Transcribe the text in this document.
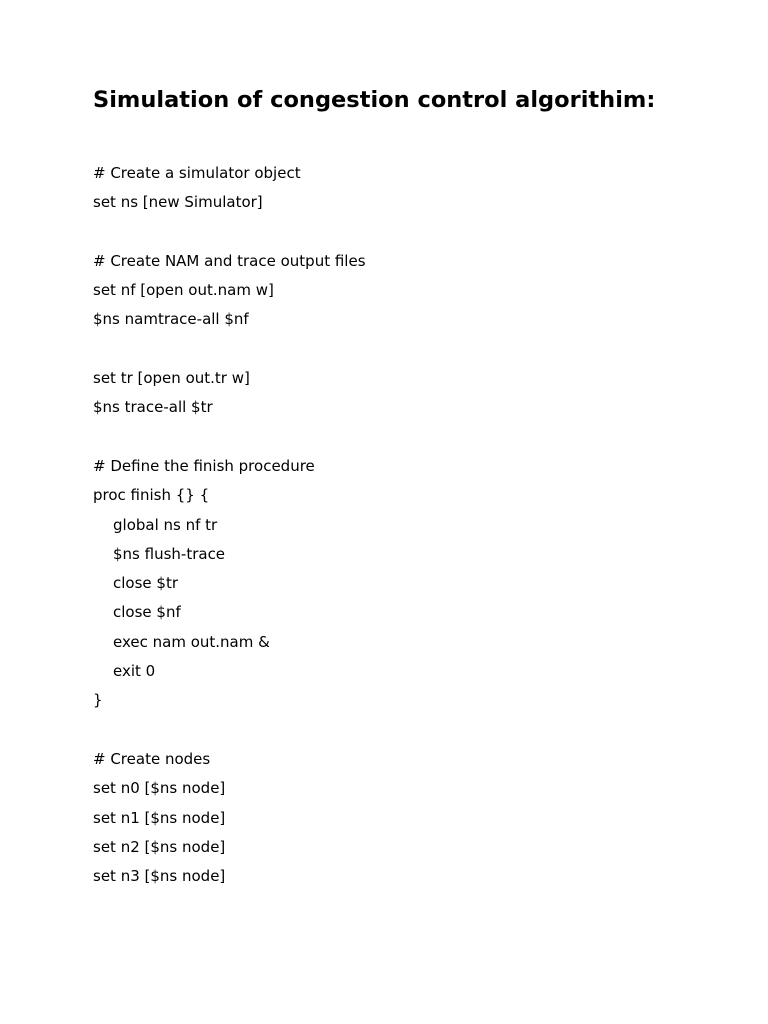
Simulation of congestion control algorithim:
# Create a simulator object
set ns [new Simulator]
# Create NAM and trace output files
set nf [open out.nam w]
$ns namtrace-all $nf
set tr [open out.tr w]
$ns trace-all $tr
# Define the finish procedure
proc finish {} {
global ns nf tr
$ns flush-trace
close $tr
close $nf
exec nam out.nam &
exit 0
}
# Create nodes
set n0 [$ns node]
set n1 [$ns node]
set n2 [$ns node]
set n3 [$ns node]
